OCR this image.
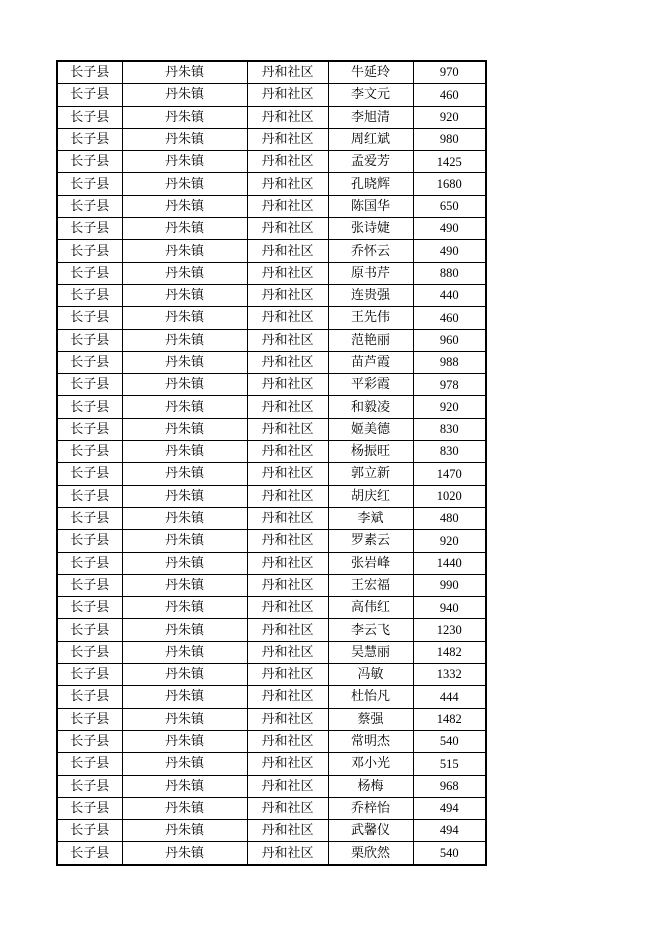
长子县	丹朱镇	丹和社区	牛延玲	970
长子县	丹朱镇	丹和社区	李文元	460
长子县	丹朱镇	丹和社区	李旭清	920
长子县	丹朱镇	丹和社区	周红斌	980
长子县	丹朱镇	丹和社区	孟爱芳	1425
长子县	丹朱镇	丹和社区	孔晓辉	1680
长子县	丹朱镇	丹和社区	陈国华	650
长子县	丹朱镇	丹和社区	张诗婕	490
长子县	丹朱镇	丹和社区	乔怀云	490
长子县	丹朱镇	丹和社区	原书芹	880
长子县	丹朱镇	丹和社区	连贵强	440
长子县	丹朱镇	丹和社区	王先伟	460
长子县	丹朱镇	丹和社区	范艳丽	960
长子县	丹朱镇	丹和社区	苗芦霞	988
长子县	丹朱镇	丹和社区	平彩霞	978
长子县	丹朱镇	丹和社区	和毅凌	920
长子县	丹朱镇	丹和社区	姬美德	830
长子县	丹朱镇	丹和社区	杨振旺	830
长子县	丹朱镇	丹和社区	郭立新	1470
长子县	丹朱镇	丹和社区	胡庆红	1020
长子县	丹朱镇	丹和社区	李斌	480
长子县	丹朱镇	丹和社区	罗素云	920
长子县	丹朱镇	丹和社区	张岩峰	1440
长子县	丹朱镇	丹和社区	王宏福	990
长子县	丹朱镇	丹和社区	高伟红	940
长子县	丹朱镇	丹和社区	李云飞	1230
长子县	丹朱镇	丹和社区	吴慧丽	1482
长子县	丹朱镇	丹和社区	冯敏	1332
长子县	丹朱镇	丹和社区	杜怡凡	444
长子县	丹朱镇	丹和社区	蔡强	1482
长子县	丹朱镇	丹和社区	常明杰	540
长子县	丹朱镇	丹和社区	邓小光	515
长子县	丹朱镇	丹和社区	杨梅	968
长子县	丹朱镇	丹和社区	乔梓怡	494
长子县	丹朱镇	丹和社区	武馨仪	494
长子县	丹朱镇	丹和社区	栗欣然	540
